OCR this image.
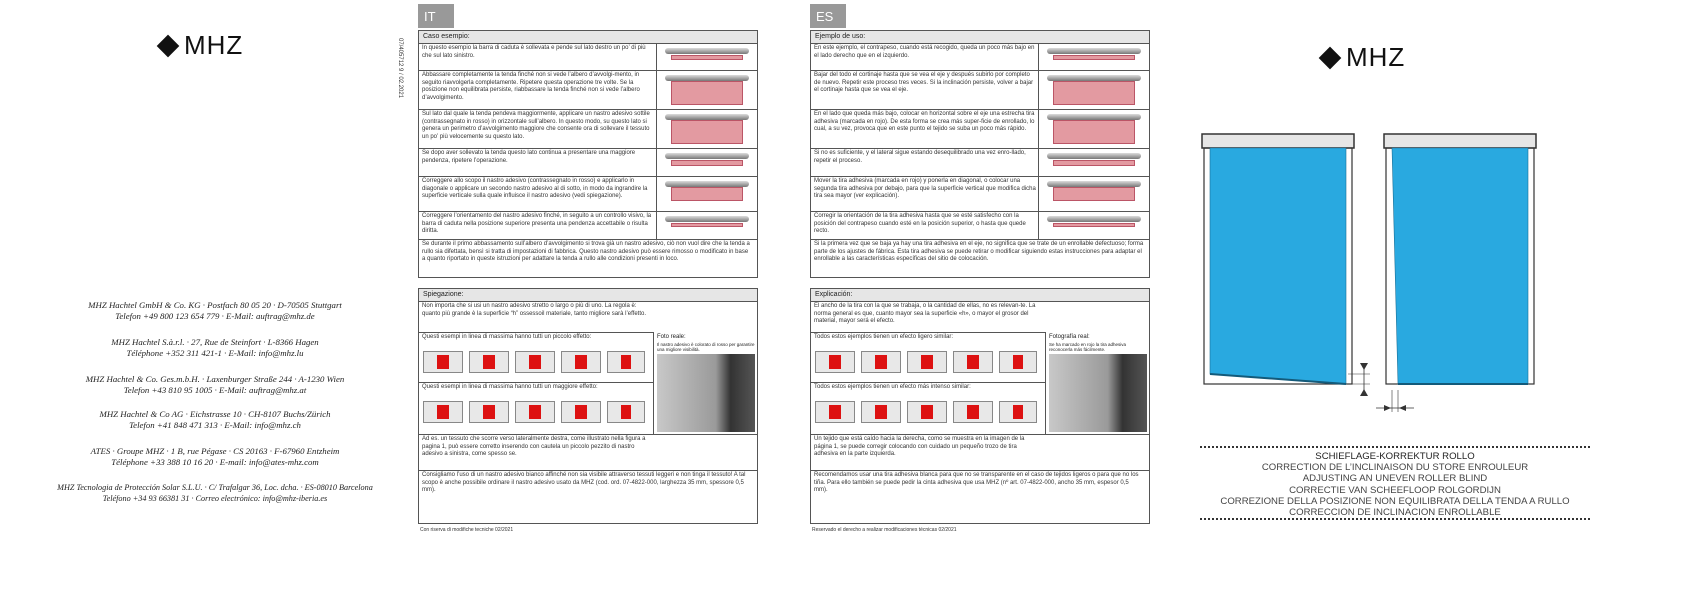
MHZ
MHZ Hachtel GmbH & Co. KG · Postfach 80 05 20 · D-70505 Stuttgart
Telefon +49 800 123 654 779 · E-Mail: auftrag@mhz.de
MHZ Hachtel S.à.r.l. · 27, Rue de Steinfort · L-8366 Hagen
Téléphone +352 311 421-1 · E-Mail: info@mhz.lu
MHZ Hachtel & Co. Ges.m.b.H. · Laxenburger Straße 244 · A-1230 Wien
Telefon +43 810 95 1005 · E-Mail: auftrag@mhz.at
MHZ Hachtel & Co AG · Eichstrasse 10 · CH-8107 Buchs/Zürich
Telefon +41 848 471 313 · E-Mail: info@mhz.ch
ATES · Groupe MHZ · 1 B, rue Pégase · CS 20163 · F-67960 Entzheim
Téléphone +33 388 10 16 20 · E-mail: info@ates-mhz.com
MHZ Tecnologia de Protección Solar S.L.U. · C/ Trafalgar 36, Loc. dcha. · ES-08010 Barcelona
Teléfono +34 93 66381 31 · Correo electrónico: info@mhz-iberia.es
07/405712 9 / 02.2021
IT
Caso esempio:
In questo esempio la barra di caduta è sollevata e pende sul lato destro un po’ di più che sul lato sinistro.
Abbassare completamente la tenda finché non si vede l’albero d’avvolgi-mento, in seguito riavvolgerla completamente. Ripetere questa operazione tre volte. Se la posizione non equilibrata persiste, riabbassare la tenda finché non si vede l’albero d’avvolgimento.
Sul lato dal quale la tenda pendeva maggiormente, applicare un nastro adesivo sottile (contrassegnato in rosso) in orizzontale sull’albero. In questo modo, su questo lato si genera un perimetro d’avvolgimento maggiore che consente ora di sollevare il tessuto un po’ più velocemente su questo lato.
Se dopo aver sollevato la tenda questo lato continua a presentare una maggiore pendenza, ripetere l’operazione.
Correggere allo scopo il nastro adesivo (contrassegnato in rosso) e applicarlo in diagonale o applicare un secondo nastro adesivo al di sotto, in modo da ingrandire la superficie verticale sulla quale influisce il nastro adesivo (vedi spiegazione).
Correggere l’orientamento del nastro adesivo finché, in seguito a un controllo visivo, la barra di caduta nella posizione superiore presenta una pendenza accettabile o risulta diritta.
Se durante il primo abbassamento sull’albero d’avvolgimento si trova già un nastro adesivo, ciò non vuol dire che la tenda a rullo sia difettata, bensì si tratta di impostazioni di fabbrica. Questo nastro adesivo può essere rimosso o modificato in base a quanto riportato in queste istruzioni per adattare la tenda a rullo alle condizioni presenti in loco.
Spiegazione:
Non importa che si usi un nastro adesivo stretto o largo o più di uno. La regola è: quanto più grande è la superficie “h” ossessoil materiale, tanto migliore sarà l’effetto.
Questi esempi in linea di massima hanno tutti un piccolo effetto:
Questi esempi in linea di massima hanno tutti un maggiore effetto:
Foto reale:
Il nastro adesivo è colorato di rosso per garantire una migliore visibilità.
Ad es. un tessuto che scorre verso lateralmente destra, come illustrato nella figura a pagina 1, può essere corretto inserendo con cautela un piccolo pezzito di nastro adesivo a sinistra, come spesso se.
Consigliamo l’uso di un nastro adesivo bianco affinché non sia visibile attraverso tessuti leggeri e non tinga il tessuto! A tal scopo è anche possibile ordinare il nastro adesivo usato da MHZ (cod. ord. 07-4822-000, larghezza 35 mm, spessore 0,5 mm).
Con riserva di modifiche tecniche 02/2021
ES
Ejemplo de uso:
En este ejemplo, el contrapeso, cuando está recogido, queda un poco más bajo en el lado derecho que en el izquierdo.
Bajar del todo el cortinaje hasta que se vea el eje y después subirlo por completo de nuevo. Repetir este proceso tres veces. Si la inclinación persiste, volver a bajar el cortinaje hasta que se vea el eje.
En el lado que queda más bajo, colocar en horizontal sobre el eje una estrecha tira adhesiva (marcada en rojo). De esta forma se crea más super-ficie de enrollado, lo cual, a su vez, provoca que en este punto el tejido se suba un poco más rápido.
Si no es suficiente, y el lateral sigue estando desequilibrado una vez enro-llado, repetir el proceso.
Mover la tira adhesiva (marcada en rojo) y ponerla en diagonal, o colocar una segunda tira adhesiva por debajo, para que la superficie vertical que modifica dicha tira sea mayor (ver explicación).
Corregir la orientación de la tira adhesiva hasta que se esté satisfecho con la posición del contrapeso cuando esté en la posición superior, o hasta que quede recto.
Si la primera vez que se baja ya hay una tira adhesiva en el eje, no significa que se trate de un enrollable defectuoso; forma parte de los ajustes de fábrica. Esta tira adhesiva se puede retirar o modificar siguiendo estas instrucciones para adaptar el enrollable a las características específicas del sitio de colocación.
Explicación:
El ancho de la tira con la que se trabaja, o la cantidad de ellas, no es relevan-te. La norma general es que, cuanto mayor sea la superficie «h», o mayor el grosor del material, mayor será el efecto.
Todos estos ejemplos tienen un efecto ligero similar:
Todos estos ejemplos tienen un efecto más intenso similar:
Fotografía real:
Se ha marcado en rojo la tira adhesiva reconocerla más fácilmente.
Un tejido que está caído hacia la derecha, como se muestra en la imagen de la página 1, se puede corregir colocando con cuidado un pequeño trozo de tira adhesiva en la parte izquierda.
Recomendamos usar una tira adhesiva blanca para que no se transparente en el caso de tejidos ligeros o para que no los tiña. Para ello también se puede pedir la cinta adhesiva que usa MHZ (nº art. 07-4822-000, ancho 35 mm, espesor 0,5 mm).
Reservado el derecho a realizar modificaciones técnicas 02/2021
MHZ
SCHIEFLAGE-KORREKTUR ROLLO
CORRECTION DE L’INCLINAISON DU STORE ENROULEUR
ADJUSTING AN UNEVEN ROLLER BLIND
CORRECTIE VAN SCHEEFLOOP ROLGORDIJN
CORREZIONE DELLA POSIZIONE NON EQUILIBRATA DELLA TENDA A RULLO
CORRECCION DE INCLINACION ENROLLABLE
